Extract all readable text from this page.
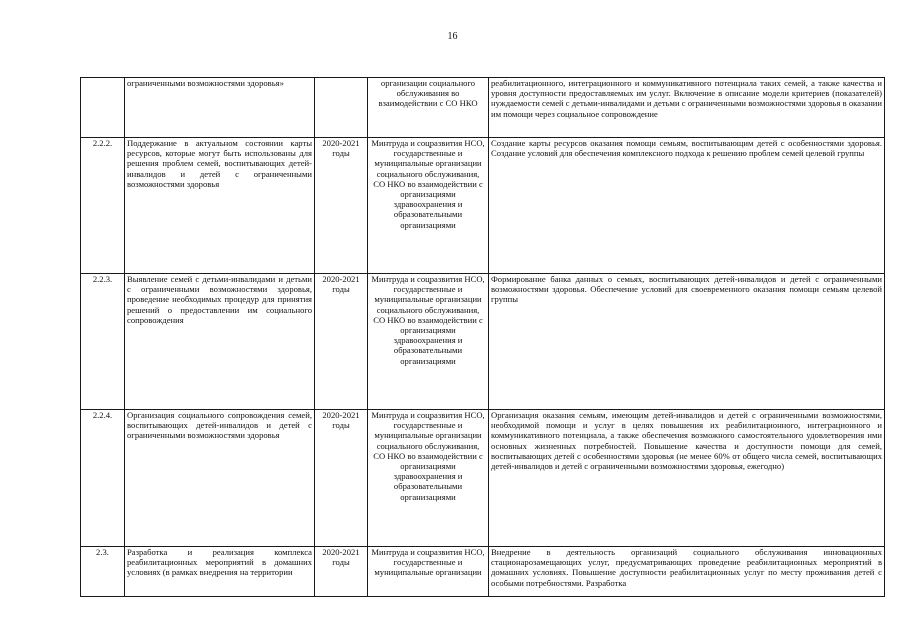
16
	ограниченными возможностями здоровья»		организации социального обслуживания во взаимодействии с СО НКО	реабилитационного, интеграционного и коммуникативного потенциала таких семей, а также качества и уровня доступности предоставляемых им услуг. Включение в описание модели критериев (показателей) нуждаемости семей с детьми-инвалидами и детьми с ограниченными возможностями здоровья в оказании им помощи через социальное сопровождение
2.2.2.	Поддержание в актуальном состоянии карты ресурсов, которые могут быть использованы для решения проблем семей, воспитывающих детей-инвалидов и детей с ограниченными возможностями здоровья	2020-2021 годы	Минтруда и соцразвития НСО, государственные и муниципальные организации социального обслуживания, СО НКО во взаимодействии с организациями здравоохранения и образовательными организациями	Создание карты ресурсов оказания помощи семьям, воспитывающим детей с особенностями здоровья. Создание условий для обеспечения комплексного подхода к решению проблем семей целевой группы
2.2.3.	Выявление семей с детьми-инвалидами и детьми с ограниченными возможностями здоровья, проведение необходимых процедур для принятия решений о предоставлении им социального сопровождения	2020-2021 годы	Минтруда и соцразвития НСО, государственные и муниципальные организации социального обслуживания, СО НКО во взаимодействии с организациями здравоохранения и образовательными организациями	Формирование банка данных о семьях, воспитывающих детей-инвалидов и детей с ограниченными возможностями здоровья. Обеспечение условий для своевременного оказания помощи семьям целевой группы
2.2.4.	Организация социального сопровождения семей, воспитывающих детей-инвалидов и детей с ограниченными возможностями здоровья	2020-2021 годы	Минтруда и соцразвития НСО, государственные и муниципальные организации социального обслуживания, СО НКО во взаимодействии с организациями здравоохранения и образовательными организациями	Организация оказания семьям, имеющим детей-инвалидов и детей с ограниченными возможностями, необходимой помощи и услуг в целях повышения их реабилитационного, интеграционного и коммуникативного потенциала, а также обеспечения возможного самостоятельного удовлетворения ими основных жизненных потребностей. Повышение качества и доступности помощи для семей, воспитывающих детей с особенностями здоровья (не менее 60% от общего числа семей, воспитывающих детей-инвалидов и детей с ограниченными возможностями здоровья, ежегодно)

2.3.	Разработка и реализация комплекса реабилитационных мероприятий в домашних условиях (в рамках внедрения на территории	2020-2021 годы	Минтруда и соцразвития НСО, государственные и муниципальные организации	Внедрение в деятельность организаций социального обслуживания инновационных стационарозамещающих услуг, предусматривающих проведение реабилитационных мероприятий в домашних условиях. Повышение доступности реабилитационных услуг по месту проживания детей с особыми потребностями. Разработка
